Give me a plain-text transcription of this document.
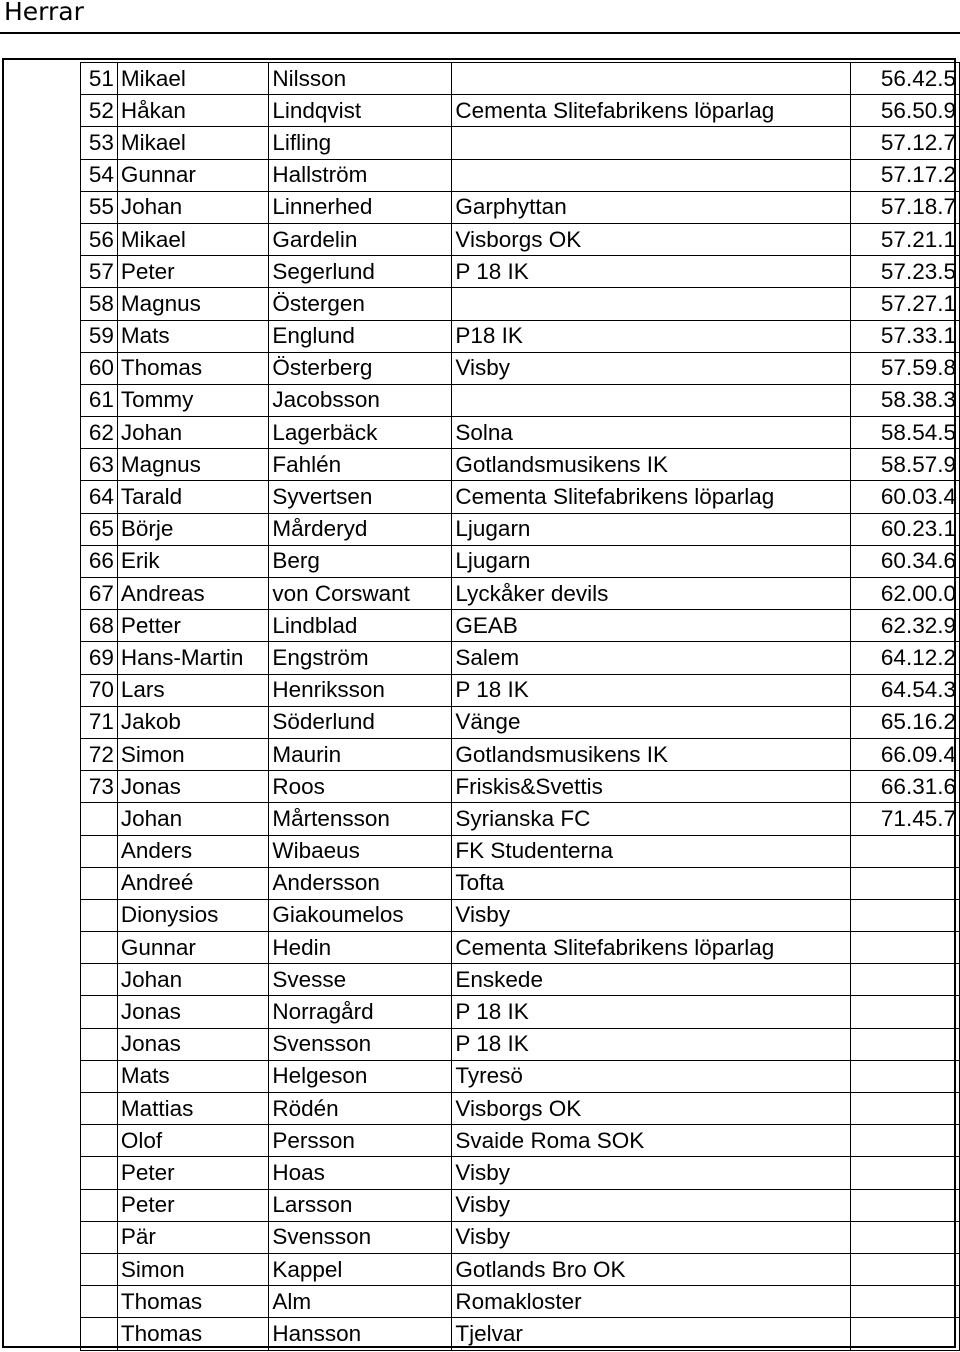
Herrar
51	Mikael	Nilsson		56.42.5
52	Håkan	Lindqvist	Cementa Slitefabrikens löparlag	56.50.9
53	Mikael	Lifling		57.12.7
54	Gunnar	Hallström		57.17.2
55	Johan	Linnerhed	Garphyttan	57.18.7
56	Mikael	Gardelin	Visborgs OK	57.21.1
57	Peter	Segerlund	P 18 IK	57.23.5
58	Magnus	Östergen		57.27.1
59	Mats	Englund	P18 IK	57.33.1
60	Thomas	Österberg	Visby	57.59.8
61	Tommy	Jacobsson		58.38.3
62	Johan	Lagerbäck	Solna	58.54.5
63	Magnus	Fahlén	Gotlandsmusikens IK	58.57.9
64	Tarald	Syvertsen	Cementa Slitefabrikens löparlag	60.03.4
65	Börje	Mårderyd	Ljugarn	60.23.1
66	Erik	Berg	Ljugarn	60.34.6
67	Andreas	von Corswant	Lyckåker devils	62.00.0
68	Petter	Lindblad	GEAB	62.32.9
69	Hans-Martin	Engström	Salem	64.12.2
70	Lars	Henriksson	P 18 IK	64.54.3
71	Jakob	Söderlund	Vänge	65.16.2
72	Simon	Maurin	Gotlandsmusikens IK	66.09.4
73	Jonas	Roos	Friskis&Svettis	66.31.6
	Johan	Mårtensson	Syrianska FC	71.45.7
	Anders	Wibaeus	FK Studenterna	
	Andreé	Andersson	Tofta	
	Dionysios	Giakoumelos	Visby	
	Gunnar	Hedin	Cementa Slitefabrikens löparlag	
	Johan	Svesse	Enskede	
	Jonas	Norragård	P 18 IK	
	Jonas	Svensson	P 18 IK	
	Mats	Helgeson	Tyresö	
	Mattias	Rödén	Visborgs OK	
	Olof	Persson	Svaide Roma SOK	
	Peter	Hoas	Visby	
	Peter	Larsson	Visby	
	Pär	Svensson	Visby	
	Simon	Kappel	Gotlands Bro OK	
	Thomas	Alm	Romakloster	
	Thomas	Hansson	Tjelvar	
